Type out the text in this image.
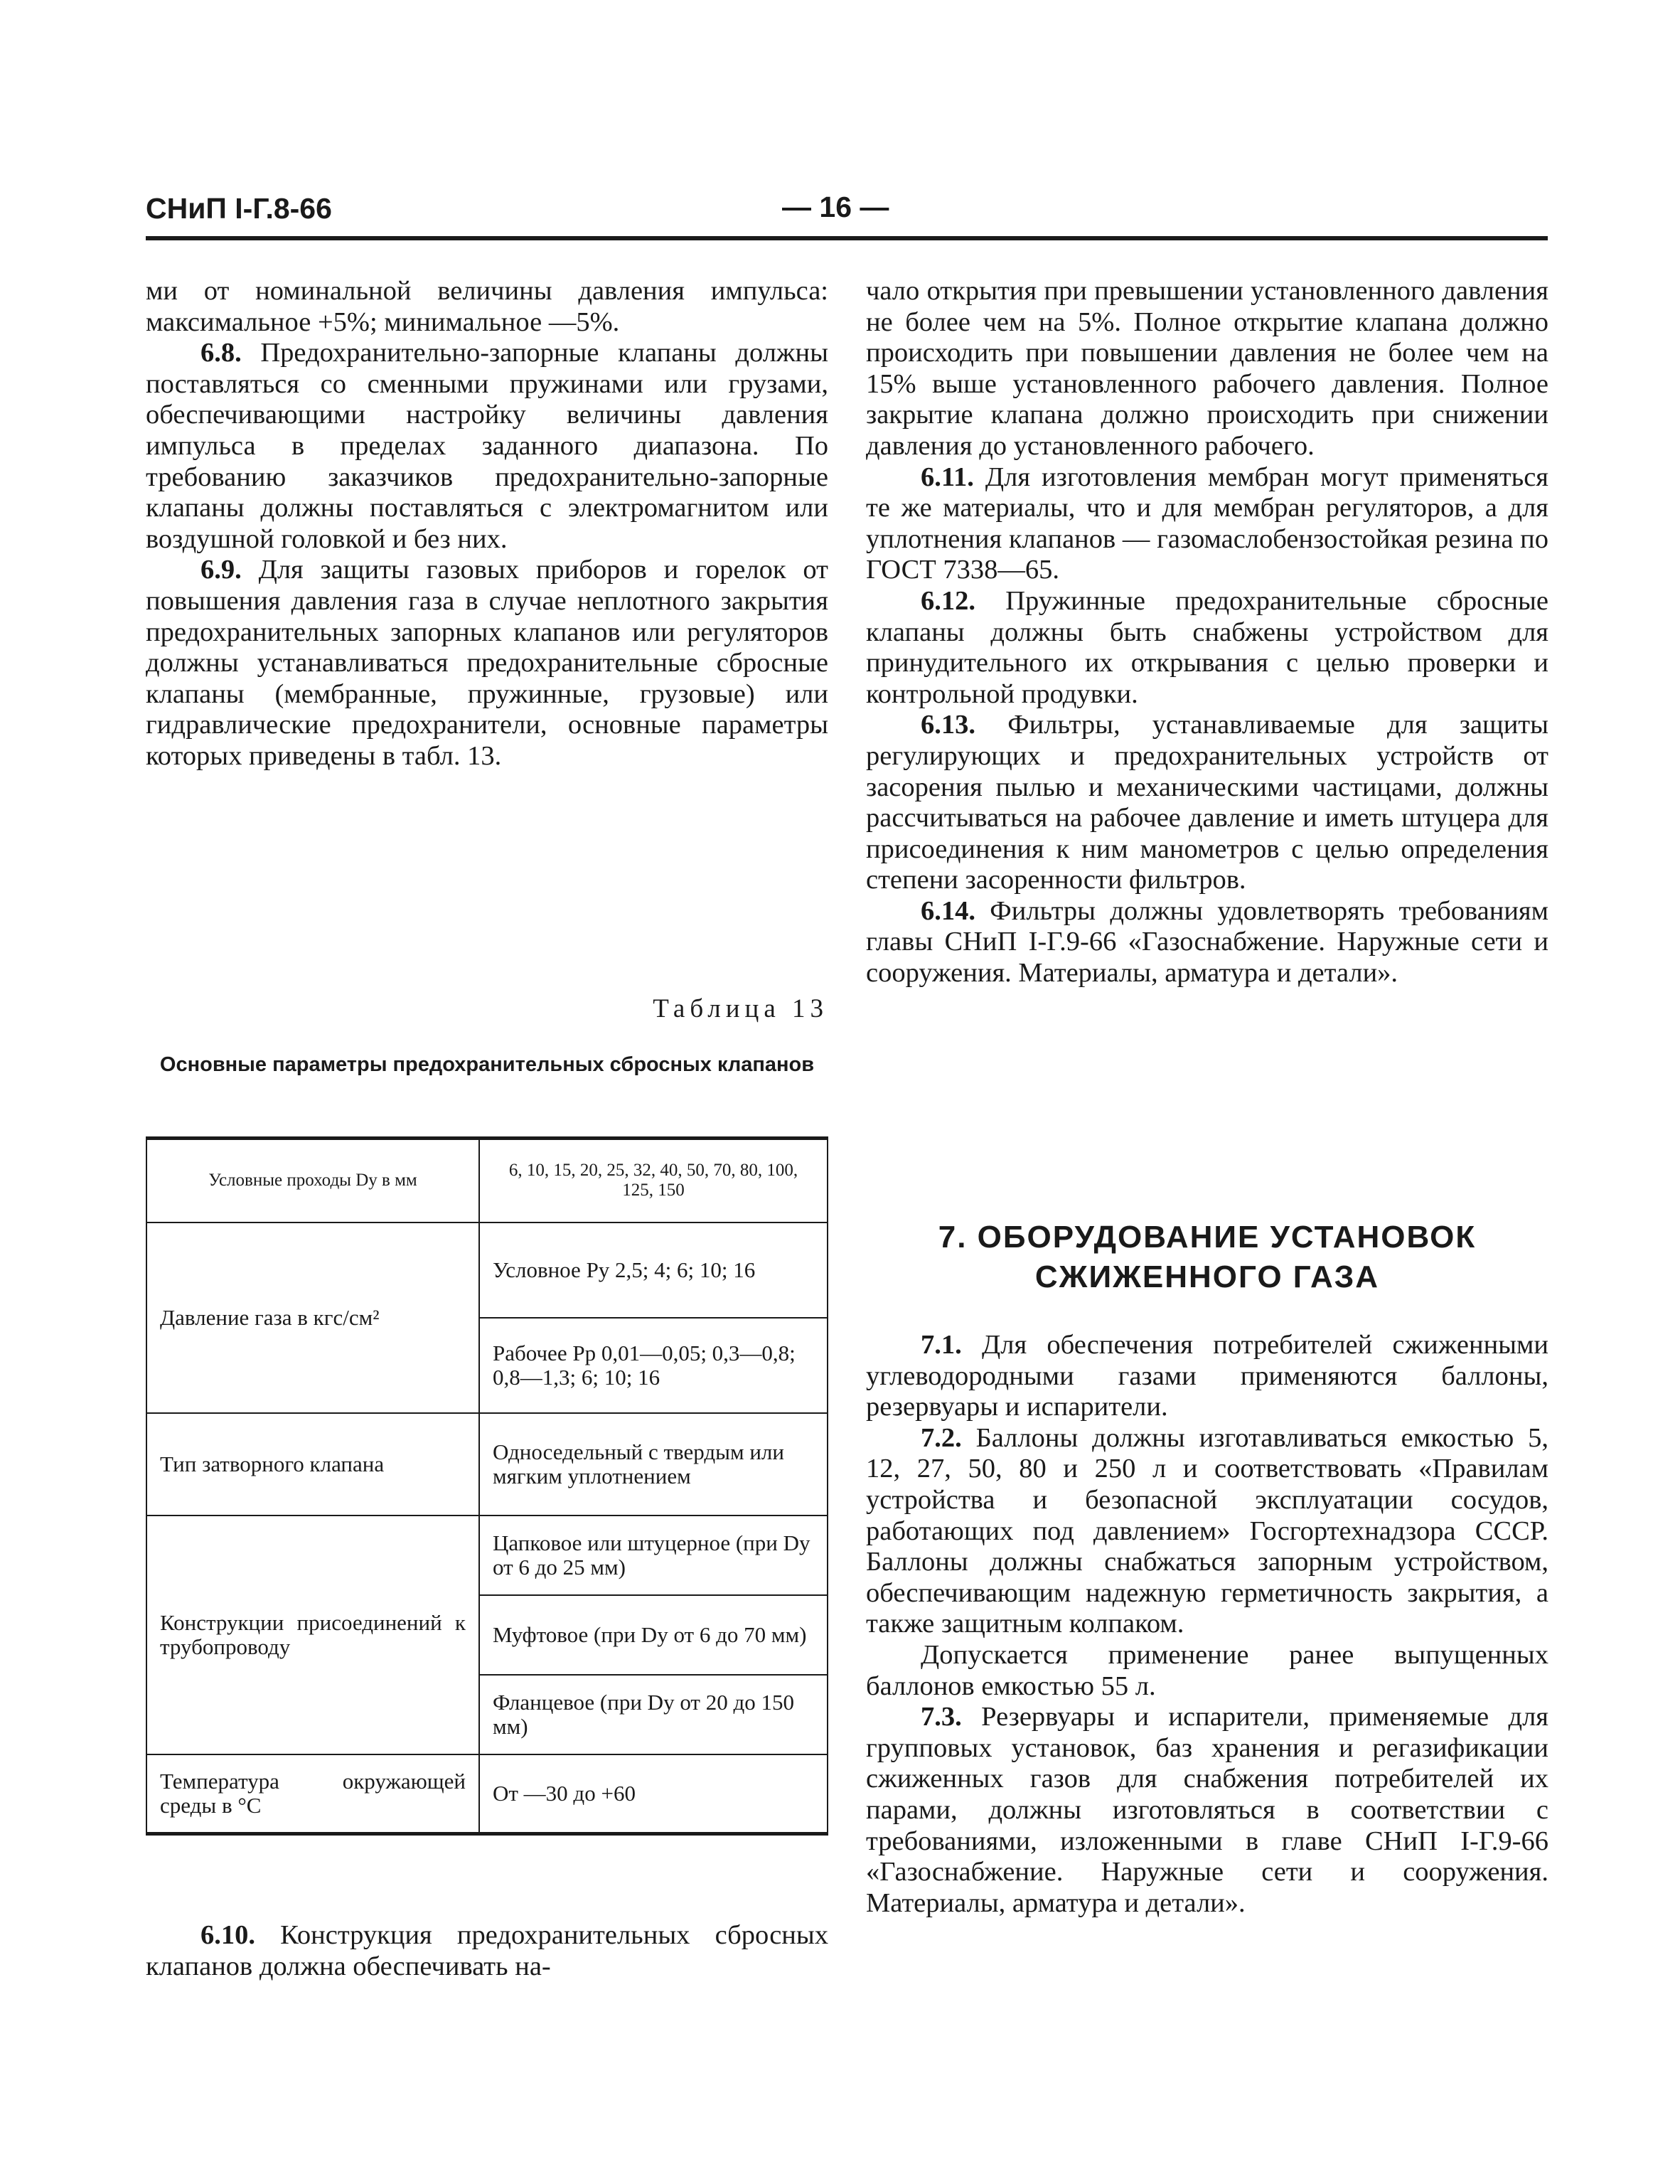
СНиП I-Г.8-66	— 16 —

ми от номинальной величины давления импульса: максимальное +5%; минимальное —5%.

6.8. Предохранительно-запорные клапаны должны поставляться со сменными пружинами или грузами, обеспечивающими настройку величины давления импульса в пределах заданного диапазона. По требованию заказчиков предохранительно-запорные клапаны должны поставляться с электромагнитом или воздушной головкой и без них.

6.9. Для защиты газовых приборов и горелок от повышения давления газа в случае неплотного закрытия предохранительных запорных клапанов или регуляторов должны устанавливаться предохранительные сбросные клапаны (мембранные, пружинные, грузовые) или гидравлические предохранители, основные параметры которых приведены в табл. 13.

Таблица 13
Основные параметры предохранительных сбросных клапанов
Условные проходы Dу в мм	6, 10, 15, 20, 25, 32, 40, 50, 70, 80, 100, 125, 150
Давление газа в кгс/см²	Условное Pу 2,5; 4; 6; 10; 16
	Рабочее Pр 0,01—0,05; 0,3—0,8; 0,8—1,3; 6; 10; 16
Тип затворного клапана	Односедельный с твердым или мягким уплотнением
Конструкции присоединений к трубопроводу	Цапковое или штуцерное (при Dу от 6 до 25 мм)
	Муфтовое (при Dу от 6 до 70 мм)
	Фланцевое (при Dу от 20 до 150 мм)
Температура окружающей среды в °С	От —30 до +60

6.10. Конструкция предохранительных сбросных клапанов должна обеспечивать на-

чало открытия при превышении установленного давления не более чем на 5%. Полное открытие клапана должно происходить при повышении давления не более чем на 15% выше установленного рабочего давления. Полное закрытие клапана должно происходить при снижении давления до установленного рабочего.

6.11. Для изготовления мембран могут применяться те же материалы, что и для мембран регуляторов, а для уплотнения клапанов — газомаслобензостойкая резина по ГОСТ 7338—65.

6.12. Пружинные предохранительные сбросные клапаны должны быть снабжены устройством для принудительного их открывания с целью проверки и контрольной продувки.

6.13. Фильтры, устанавливаемые для защиты регулирующих и предохранительных устройств от засорения пылью и механическими частицами, должны рассчитываться на рабочее давление и иметь штуцера для присоединения к ним манометров с целью определения степени засоренности фильтров.

6.14. Фильтры должны удовлетворять требованиям главы СНиП I-Г.9-66 «Газоснабжение. Наружные сети и сооружения. Материалы, арматура и детали».

7. ОБОРУДОВАНИЕ УСТАНОВОК
СЖИЖЕННОГО ГАЗА

7.1. Для обеспечения потребителей сжиженными углеводородными газами применяются баллоны, резервуары и испарители.

7.2. Баллоны должны изготавливаться емкостью 5, 12, 27, 50, 80 и 250 л и соответствовать «Правилам устройства и безопасной эксплуатации сосудов, работающих под давлением» Госгортехнадзора СССР. Баллоны должны снабжаться запорным устройством, обеспечивающим надежную герметичность закрытия, а также защитным колпаком.

Допускается применение ранее выпущенных баллонов емкостью 55 л.

7.3. Резервуары и испарители, применяемые для групповых установок, баз хранения и регазификации сжиженных газов для снабжения потребителей их парами, должны изготовляться в соответствии с требованиями, изложенными в главе СНиП I-Г.9-66 «Газоснабжение. Наружные сети и сооружения. Материалы, арматура и детали».
